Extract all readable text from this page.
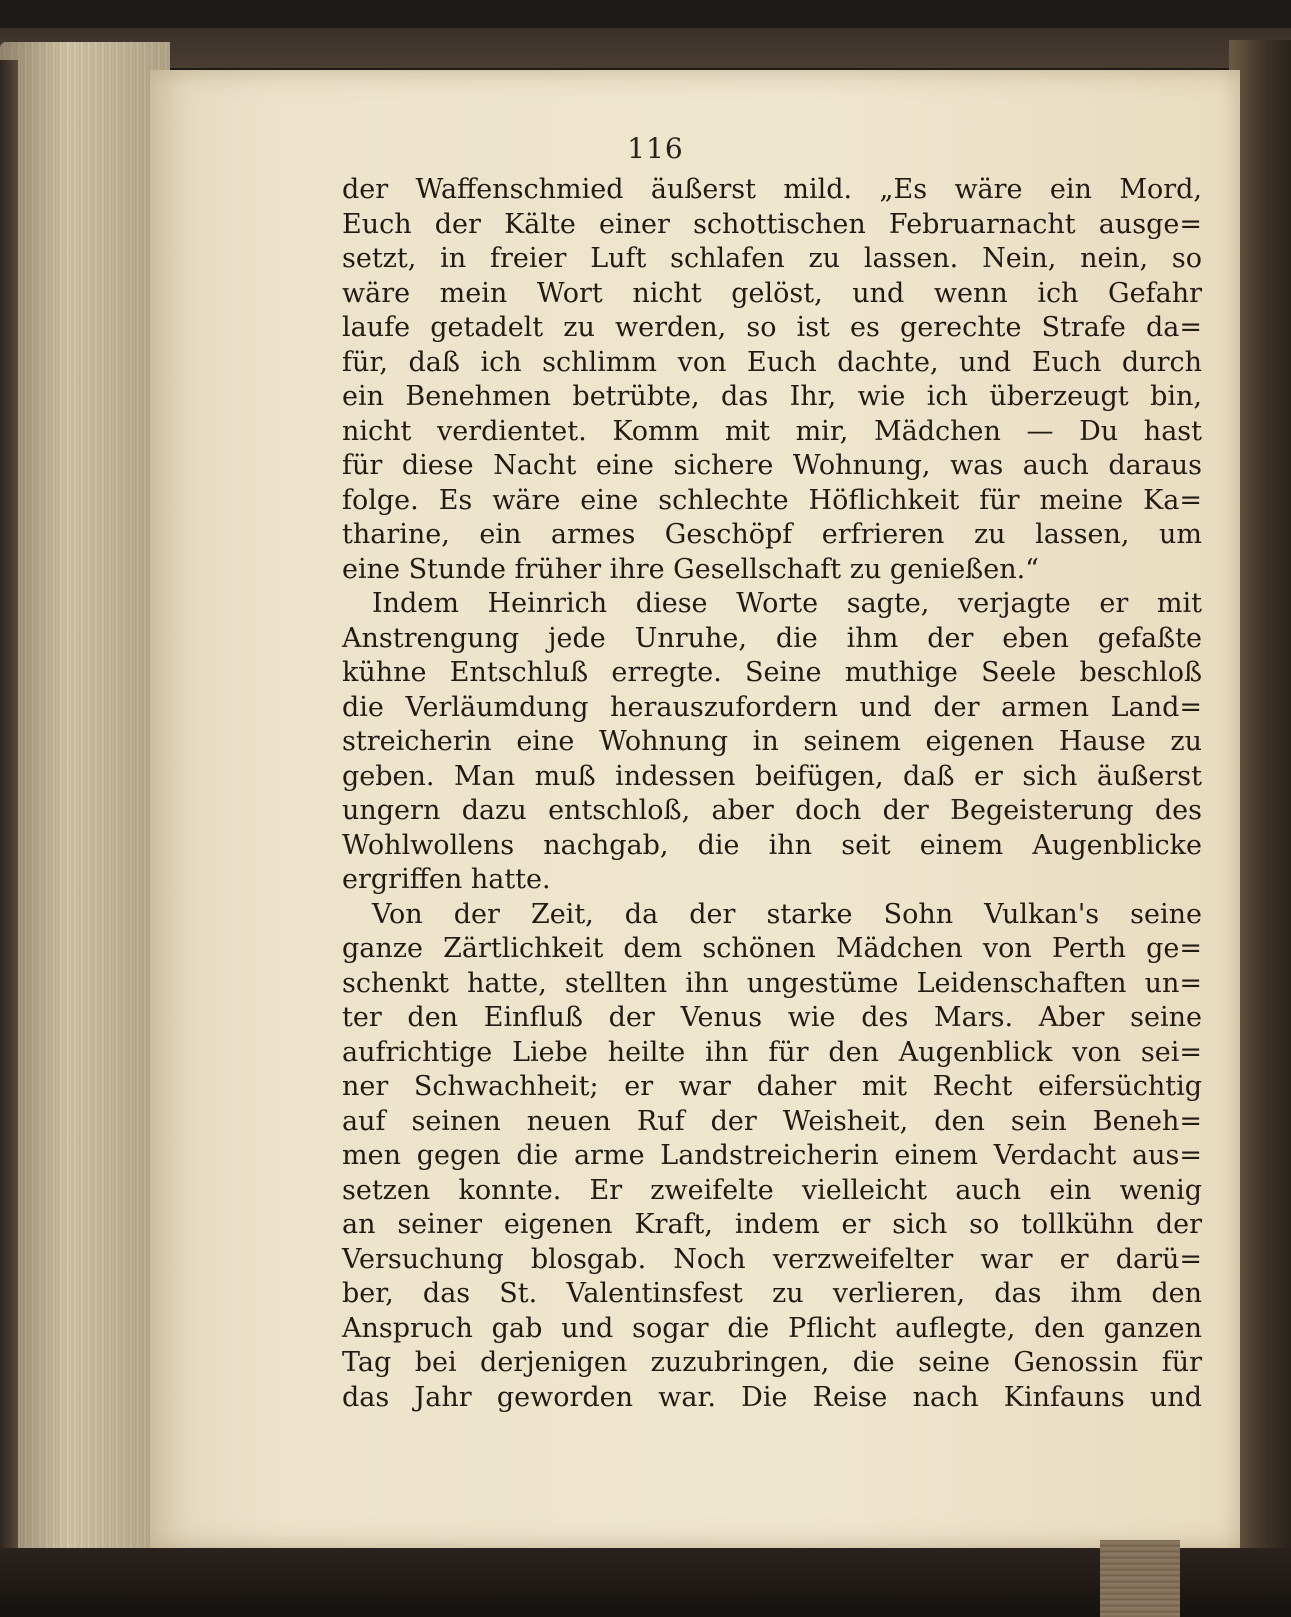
116
der Waffenschmied äußerst mild. „Es wäre ein Mord,
Euch der Kälte einer schottischen Februarnacht ausge=
setzt, in freier Luft schlafen zu lassen. Nein, nein, so
wäre mein Wort nicht gelöst, und wenn ich Gefahr
laufe getadelt zu werden, so ist es gerechte Strafe da=
für, daß ich schlimm von Euch dachte, und Euch durch
ein Benehmen betrübte, das Ihr, wie ich überzeugt bin,
nicht verdientet. Komm mit mir, Mädchen — Du hast
für diese Nacht eine sichere Wohnung, was auch daraus
folge. Es wäre eine schlechte Höflichkeit für meine Ka=
tharine, ein armes Geschöpf erfrieren zu lassen, um
eine Stunde früher ihre Gesellschaft zu genießen.“
Indem Heinrich diese Worte sagte, verjagte er mit
Anstrengung jede Unruhe, die ihm der eben gefaßte
kühne Entschluß erregte. Seine muthige Seele beschloß
die Verläumdung herauszufordern und der armen Land=
streicherin eine Wohnung in seinem eigenen Hause zu
geben. Man muß indessen beifügen, daß er sich äußerst
ungern dazu entschloß, aber doch der Begeisterung des
Wohlwollens nachgab, die ihn seit einem Augenblicke
ergriffen hatte.
Von der Zeit, da der starke Sohn Vulkan's seine
ganze Zärtlichkeit dem schönen Mädchen von Perth ge=
schenkt hatte, stellten ihn ungestüme Leidenschaften un=
ter den Einfluß der Venus wie des Mars. Aber seine
aufrichtige Liebe heilte ihn für den Augenblick von sei=
ner Schwachheit; er war daher mit Recht eifersüchtig
auf seinen neuen Ruf der Weisheit, den sein Beneh=
men gegen die arme Landstreicherin einem Verdacht aus=
setzen konnte. Er zweifelte vielleicht auch ein wenig
an seiner eigenen Kraft, indem er sich so tollkühn der
Versuchung blosgab. Noch verzweifelter war er darü=
ber, das St. Valentinsfest zu verlieren, das ihm den
Anspruch gab und sogar die Pflicht auflegte, den ganzen
Tag bei derjenigen zuzubringen, die seine Genossin für
das Jahr geworden war. Die Reise nach Kinfauns und
